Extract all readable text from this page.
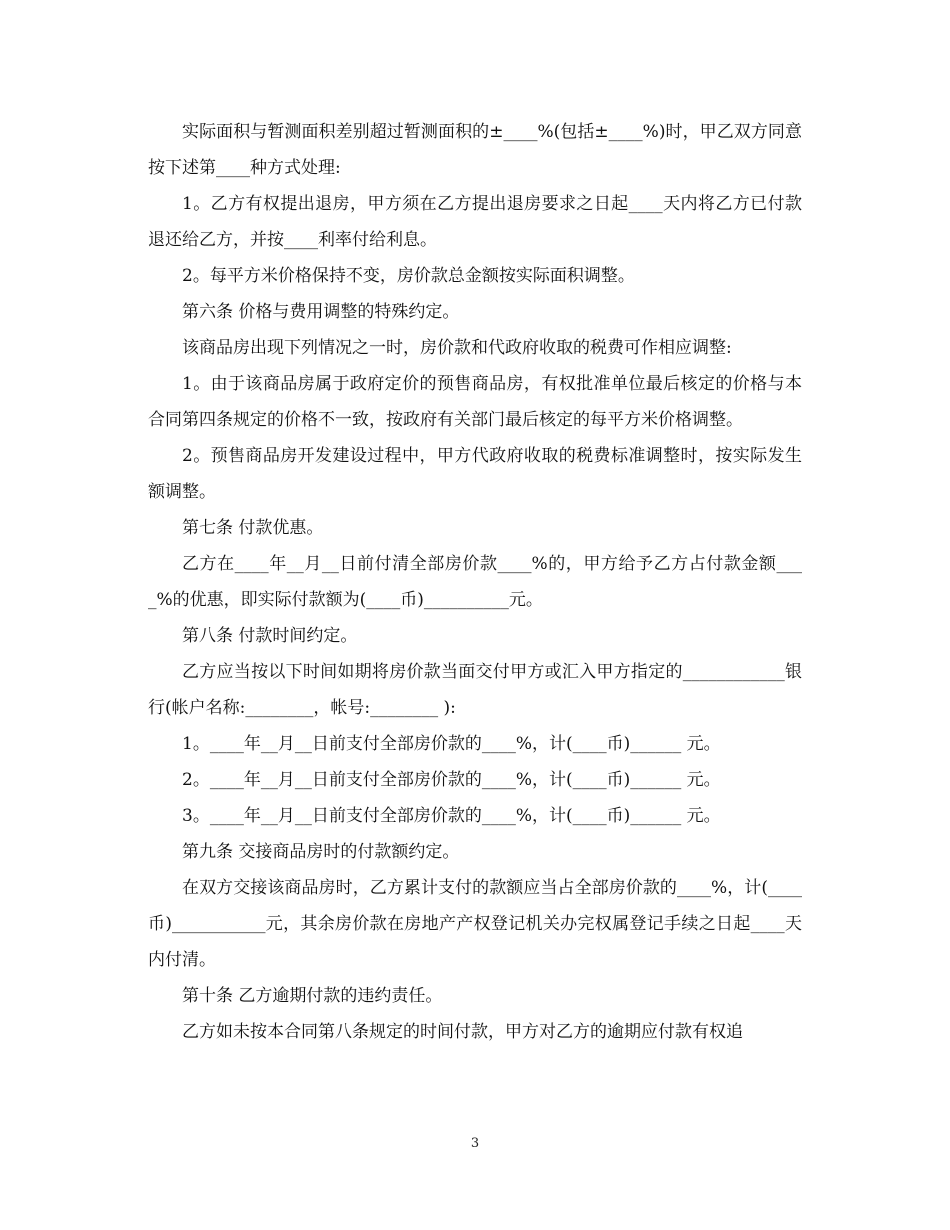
实际面积与暂测面积差别超过暂测面积的±____%(包括±____%)时，甲乙双方同意按下述第____种方式处理:

1。乙方有权提出退房，甲方须在乙方提出退房要求之日起____天内将乙方已付款退还给乙方，并按____利率付给利息。

2。每平方米价格保持不变，房价款总金额按实际面积调整。

第六条 价格与费用调整的特殊约定。

该商品房出现下列情况之一时，房价款和代政府收取的税费可作相应调整:

1。由于该商品房属于政府定价的预售商品房，有权批准单位最后核定的价格与本合同第四条规定的价格不一致，按政府有关部门最后核定的每平方米价格调整。

2。预售商品房开发建设过程中，甲方代政府收取的税费标准调整时，按实际发生额调整。

第七条 付款优惠。

乙方在____年__月__日前付清全部房价款____%的，甲方给予乙方占付款金额____%的优惠，即实际付款额为(____币)__________元。

第八条 付款时间约定。

乙方应当按以下时间如期将房价款当面交付甲方或汇入甲方指定的____________银行(帐户名称:________，帐号:________ ):

1。____年__月__日前支付全部房价款的____%，计(____币)______ 元。

2。____年__月__日前支付全部房价款的____%，计(____币)______ 元。

3。____年__月__日前支付全部房价款的____%，计(____币)______ 元。

第九条 交接商品房时的付款额约定。

在双方交接该商品房时，乙方累计支付的款额应当占全部房价款的____%，计(____币)___________元，其余房价款在房地产产权登记机关办完权属登记手续之日起____天内付清。

第十条 乙方逾期付款的违约责任。

乙方如未按本合同第八条规定的时间付款，甲方对乙方的逾期应付款有权追

3
